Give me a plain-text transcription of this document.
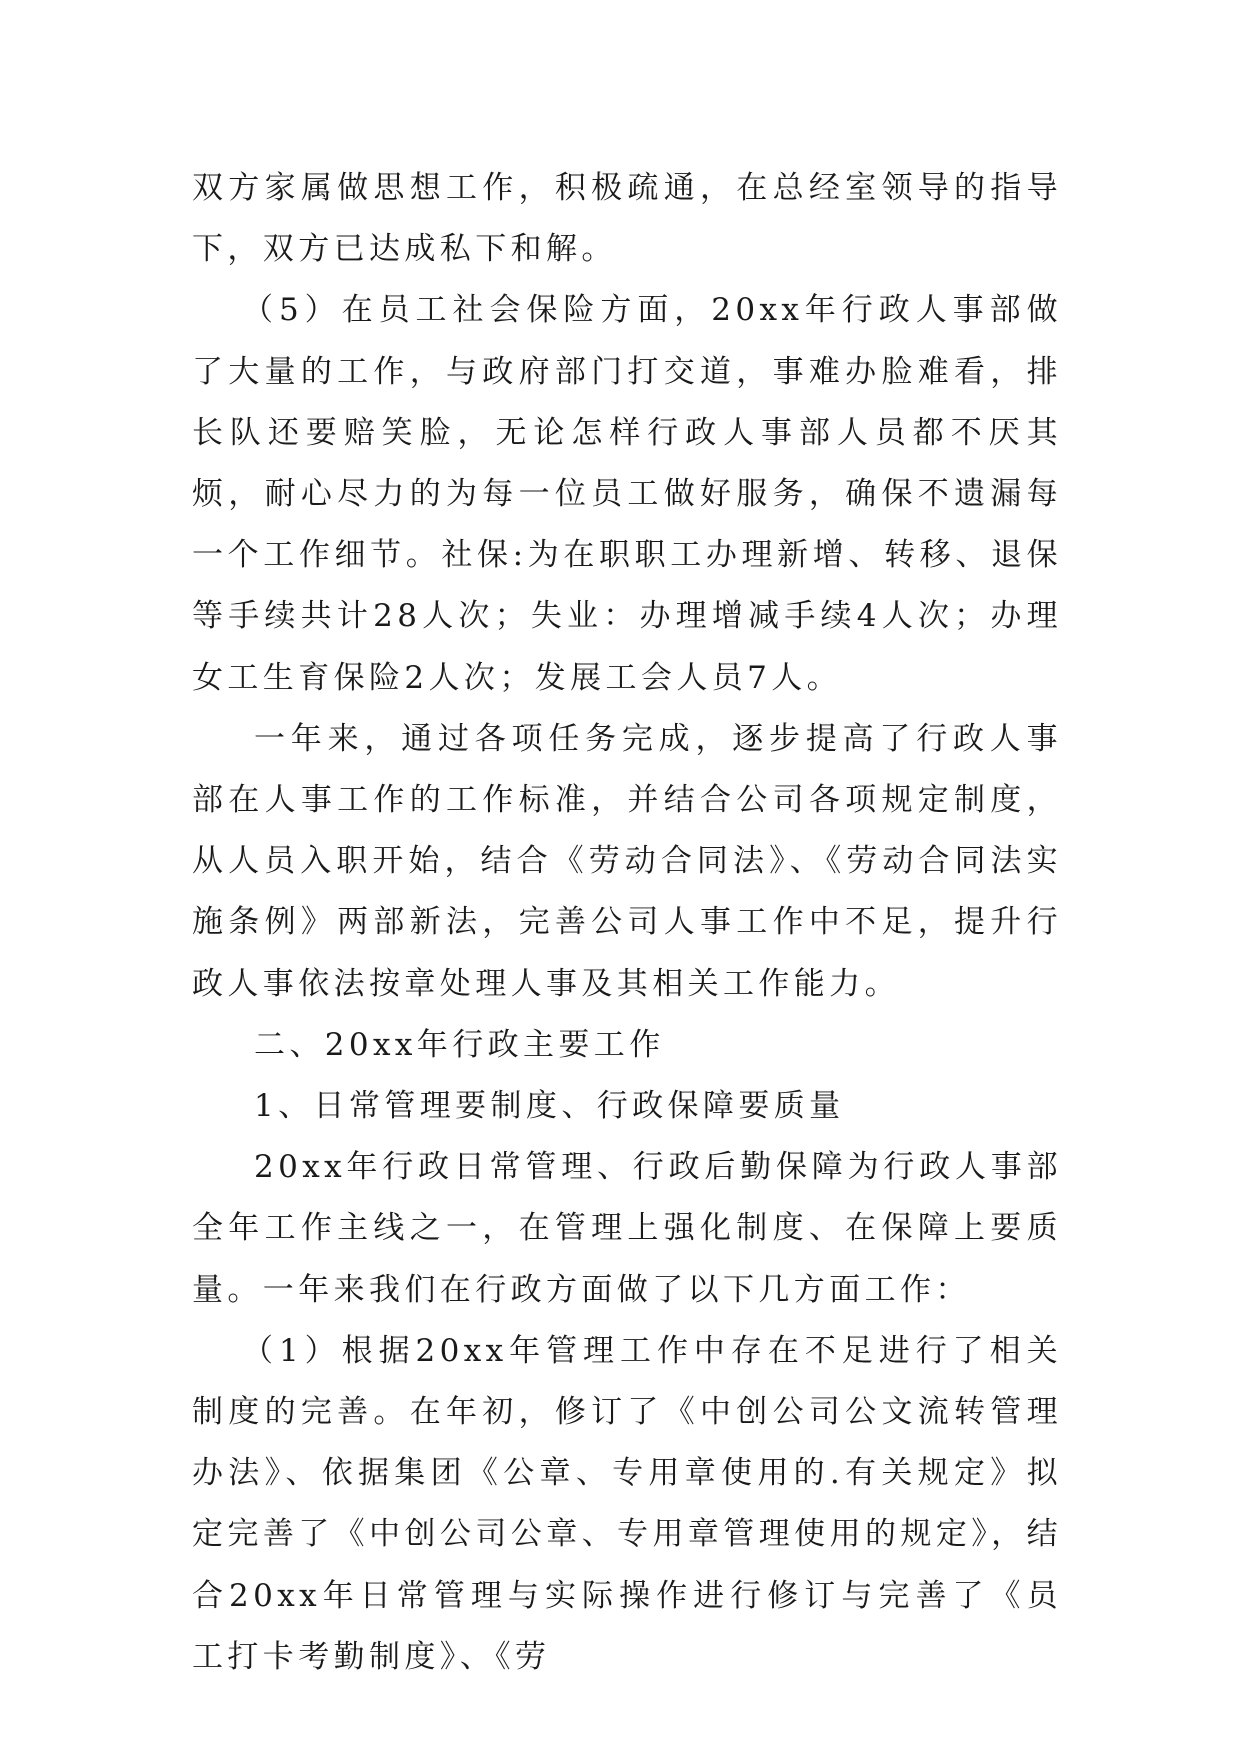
双方家属做思想工作，积极疏通，在总经室领导的指导下，双方已达成私下和解。

（5）在员工社会保险方面，20xx年行政人事部做了大量的工作，与政府部门打交道，事难办脸难看，排长队还要赔笑脸，无论怎样行政人事部人员都不厌其烦，耐心尽力的为每一位员工做好服务，确保不遗漏每一个工作细节。社保:为在职职工办理新增、转移、退保等手续共计28人次；失业：办理增减手续4人次；办理女工生育保险2人次；发展工会人员7人。

一年来，通过各项任务完成，逐步提高了行政人事部在人事工作的工作标准，并结合公司各项规定制度，从人员入职开始，结合《劳动合同法》、《劳动合同法实施条例》两部新法，完善公司人事工作中不足，提升行政人事依法按章处理人事及其相关工作能力。

二、20xx年行政主要工作

1、日常管理要制度、行政保障要质量

20xx年行政日常管理、行政后勤保障为行政人事部全年工作主线之一，在管理上强化制度、在保障上要质量。一年来我们在行政方面做了以下几方面工作：

（1）根据20xx年管理工作中存在不足进行了相关制度的完善。在年初，修订了《中创公司公文流转管理办法》、依据集团《公章、专用章使用的.有关规定》拟定完善了《中创公司公章、专用章管理使用的规定》，结合20xx年日常管理与实际操作进行修订与完善了《员工打卡考勤制度》、《劳
